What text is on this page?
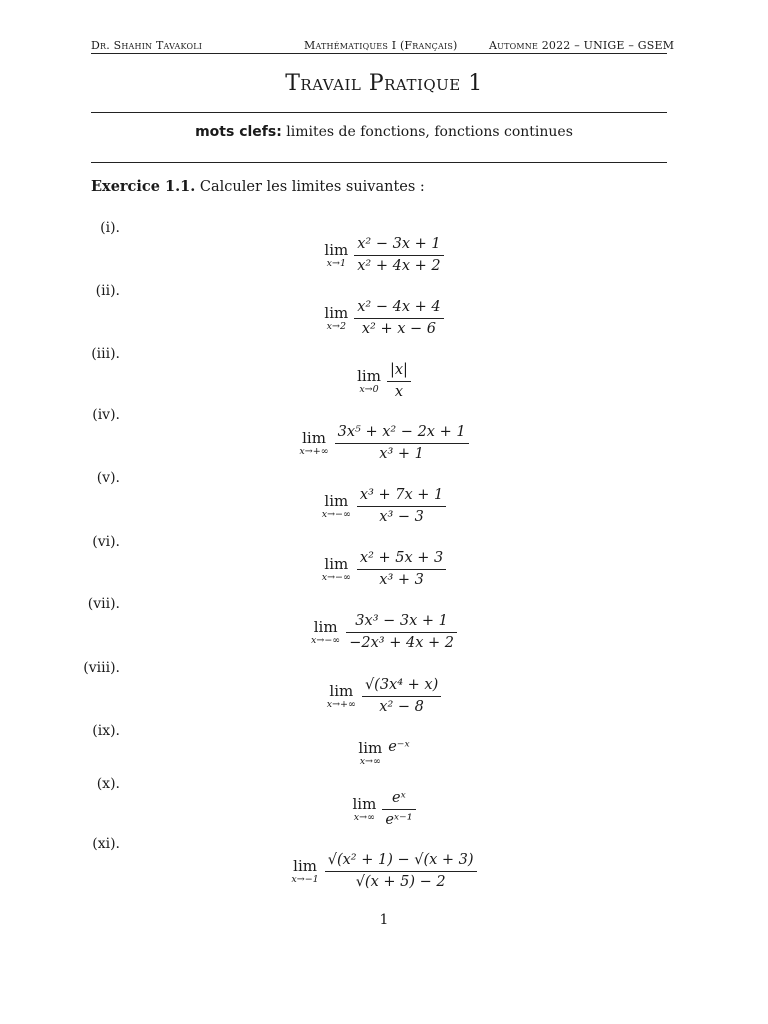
Dr. Shahin Tavakoli	Mathématiques I (Français)	Automne 2022 – UNIGE – GSEM
Travail Pratique 1
mots clefs: limites de fonctions, fonctions continues
Exercice 1.1. Calculer les limites suivantes :
(i).
lim
$x\to 1 \frac{\text{x² − 3x + 1}}{\text{x² + 4x + 2}}$
(ii).
lim
$x\to 2 \frac{\text{x² − 4x + 4}}{\text{x² + x − 6}}$
(iii).
lim
$x\to 0 \frac{|x|}{x}$
(iv).
lim
$x\to+\infty \frac{\text{3x⁵ + x² − 2x + 1}}{\text{x³ + 1}}$
(v).
lim
$x\to-\infty \frac{\text{x³ + 7x + 1}}{\text{x³ − 3}}$
(vi).
lim
$x\to-\infty \frac{\text{x² + 5x + 3}}{\text{x³ + 3}}$
(vii).
lim
$x\to-\infty \frac{\text{3x³ − 3x + 1}}{\text{−2x³ + 4x + 2}}$
(viii).
lim
$x\to+\infty \frac{\text{√(3x⁴ + x)}}{\text{x² − 8}}$
(ix).
lim
x→∞
e⁻ˣ
(x).
lim
$x\to\infty \frac{\text{eˣ}}{\text{eˣ⁻¹}}$
(xi).
lim
$x\to-1 \frac{\text{√(x² + 1) − √(x + 3)}}{√(x + 5) - 2}$
1
